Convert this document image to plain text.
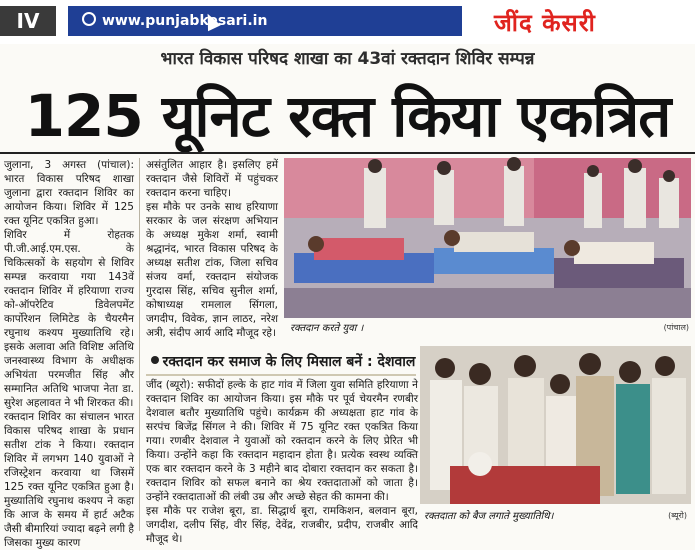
IV	www.punjabkesari.in	जींद केसरी
भारत विकास परिषद शाखा का 43वां रक्तदान शिविर सम्पन्न
125 यूनिट रक्त किया एकत्रित

जुलाना, 3 अगस्त (पांचाल): भारत विकास परिषद शाखा जुलाना द्वारा रक्तदान शिविर का आयोजन किया। शिविर में 125 रक्त यूनिट एकत्रित हुआ।

शिविर में रोहतक पी.जी.आई.एम.एस. के चिकित्सकों के सहयोग से शिविर सम्पन्न करवाया गया 143वें रक्तदान शिविर में हरियाणा राज्य को-ऑपरेटिव डिवेलपमेंट कार्पोरेशन लिमिटेड के चैयरमैन रघुनाथ कश्यप मुख्यातिथि रहे। इसके अलावा अति विशिष्ट अतिथि जनस्वास्थ्य विभाग के अधीक्षक अभियंता परमजीत सिंह और सम्मानित अतिथि भाजपा नेता डा. सुरेश अहलावत ने भी शिरकत की।

रक्तदान शिविर का संचालन भारत विकास परिषद शाखा के प्रधान सतीश टांक ने किया। रक्तदान शिविर में लगभग 140 युवाओं ने रजिस्ट्रेशन करवाया था जिसमें 125 रक्त यूनिट एकत्रित हुआ है। मुख्यातिथि रघुनाथ कश्यप ने कहा कि आज के समय में हार्ट अटैक जैसी बीमारियां ज्यादा बढ़ने लगी है जिसका मुख्य कारण

असंतुलित आहार है। इसलिए हमें रक्तदान जैसे शिविरों में पहुंचकर रक्तदान करना चाहिए।

इस मौके पर उनके साथ हरियाणा सरकार के जल संरक्षण अभियान के अध्यक्ष मुकेश शर्मा, स्वामी श्रद्धानंद, भारत विकास परिषद के अध्यक्ष सतीश टांक, जिला सचिव संजय वर्मा, रक्तदान संयोजक गुरदास सिंह, सचिव सुनील शर्मा, कोषाध्यक्ष रामलाल सिंगला, जगदीप, विवेक, ज्ञान लाठर, नरेश अत्री, संदीप आर्य आदि मौजूद रहे। रक्तदान करते युवा ।	(पांचाल)
रक्तदान कर समाज के लिए मिसाल बनें : देशवाल

जींद (ब्यूरो): सफीदों हल्के के हाट गांव में जिला युवा समिति हरियाणा ने रक्तदान शिविर का आयोजन किया। इस मौके पर पूर्व चेयरमैन रणबीर देशवाल बतौर मुख्यातिथि पहुंचे। कार्यक्रम की अध्यक्षता हाट गांव के सरपंच बिजेंद्र सिंगल ने की। शिविर में 75 यूनिट रक्त एकत्रित किया गया। रणबीर देशवाल ने युवाओं को रक्तदान करने के लिए प्रेरित भी किया। उन्होंने कहा कि रक्तदान महादान होता है। प्रत्येक स्वस्थ व्यक्ति एक बार रक्तदान करने के 3 महीने बाद दोबारा रक्तदान कर सकता है। रक्तदान शिविर को सफल बनाने का श्रेय रक्तदाताओं को जाता है। उन्होंने रक्तदाताओं की लंबी उम्र और अच्छे सेहत की कामना की।

इस मौके पर राजेश बूरा, डा. सिद्धार्थ बूरा, रामकिशन, बलवान बूरा, जगदीश, दलीप सिंह, वीर सिंह, देवेंद्र, राजबीर, प्रदीप, राजबीर आदि मौजूद थे।

रक्तदाता को बैज लगाते मुख्यातिथि।	(ब्यूरो)
